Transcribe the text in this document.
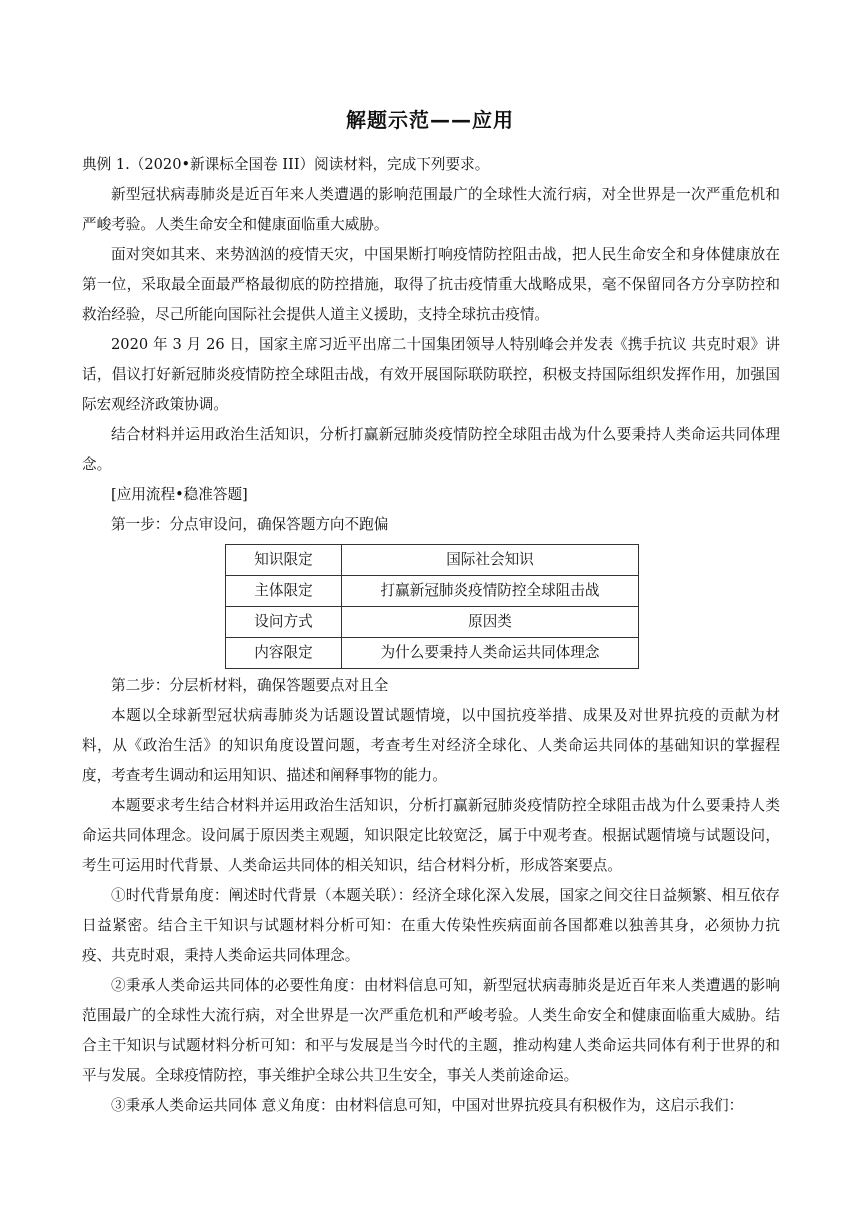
解题示范——应用

典例 1.（2020•新课标全国卷 III）阅读材料，完成下列要求。

新型冠状病毒肺炎是近百年来人类遭遇的影响范围最广的全球性大流行病，对全世界是一次严重危机和严峻考验。人类生命安全和健康面临重大威胁。

面对突如其来、来势汹汹的疫情天灾，中国果断打响疫情防控阻击战，把人民生命安全和身体健康放在第一位，采取最全面最严格最彻底的防控措施，取得了抗击疫情重大战略成果，毫不保留同各方分享防控和救治经验，尽己所能向国际社会提供人道主义援助，支持全球抗击疫情。

2020 年 3 月 26 日，国家主席习近平出席二十国集团领导人特别峰会并发表《携手抗议 共克时艰》讲话，倡议打好新冠肺炎疫情防控全球阻击战，有效开展国际联防联控，积极支持国际组织发挥作用，加强国际宏观经济政策协调。

结合材料并运用政治生活知识，分析打赢新冠肺炎疫情防控全球阻击战为什么要秉持人类命运共同体理念。

[应用流程•稳准答题]

第一步：分点审设问，确保答题方向不跑偏

知识限定	国际社会知识
主体限定	打赢新冠肺炎疫情防控全球阻击战
设问方式	原因类
内容限定	为什么要秉持人类命运共同体理念

第二步：分层析材料，确保答题要点对且全

本题以全球新型冠状病毒肺炎为话题设置试题情境，以中国抗疫举措、成果及对世界抗疫的贡献为材料，从《政治生活》的知识角度设置问题，考查考生对经济全球化、人类命运共同体的基础知识的掌握程度，考查考生调动和运用知识、描述和阐释事物的能力。

本题要求考生结合材料并运用政治生活知识，分析打赢新冠肺炎疫情防控全球阻击战为什么要秉持人类命运共同体理念。设问属于原因类主观题，知识限定比较宽泛，属于中观考查。根据试题情境与试题设问，考生可运用时代背景、人类命运共同体的相关知识，结合材料分析，形成答案要点。

①时代背景角度：阐述时代背景（本题关联）：经济全球化深入发展，国家之间交往日益频繁、相互依存日益紧密。结合主干知识与试题材料分析可知：在重大传染性疾病面前各国都难以独善其身，必须协力抗疫、共克时艰，秉持人类命运共同体理念。

②秉承人类命运共同体的必要性角度：由材料信息可知，新型冠状病毒肺炎是近百年来人类遭遇的影响范围最广的全球性大流行病，对全世界是一次严重危机和严峻考验。人类生命安全和健康面临重大威胁。结合主干知识与试题材料分析可知：和平与发展是当今时代的主题，推动构建人类命运共同体有利于世界的和平与发展。全球疫情防控，事关维护全球公共卫生安全，事关人类前途命运。

③秉承人类命运共同体 意义角度：由材料信息可知，中国对世界抗疫具有积极作为，这启示我们：
